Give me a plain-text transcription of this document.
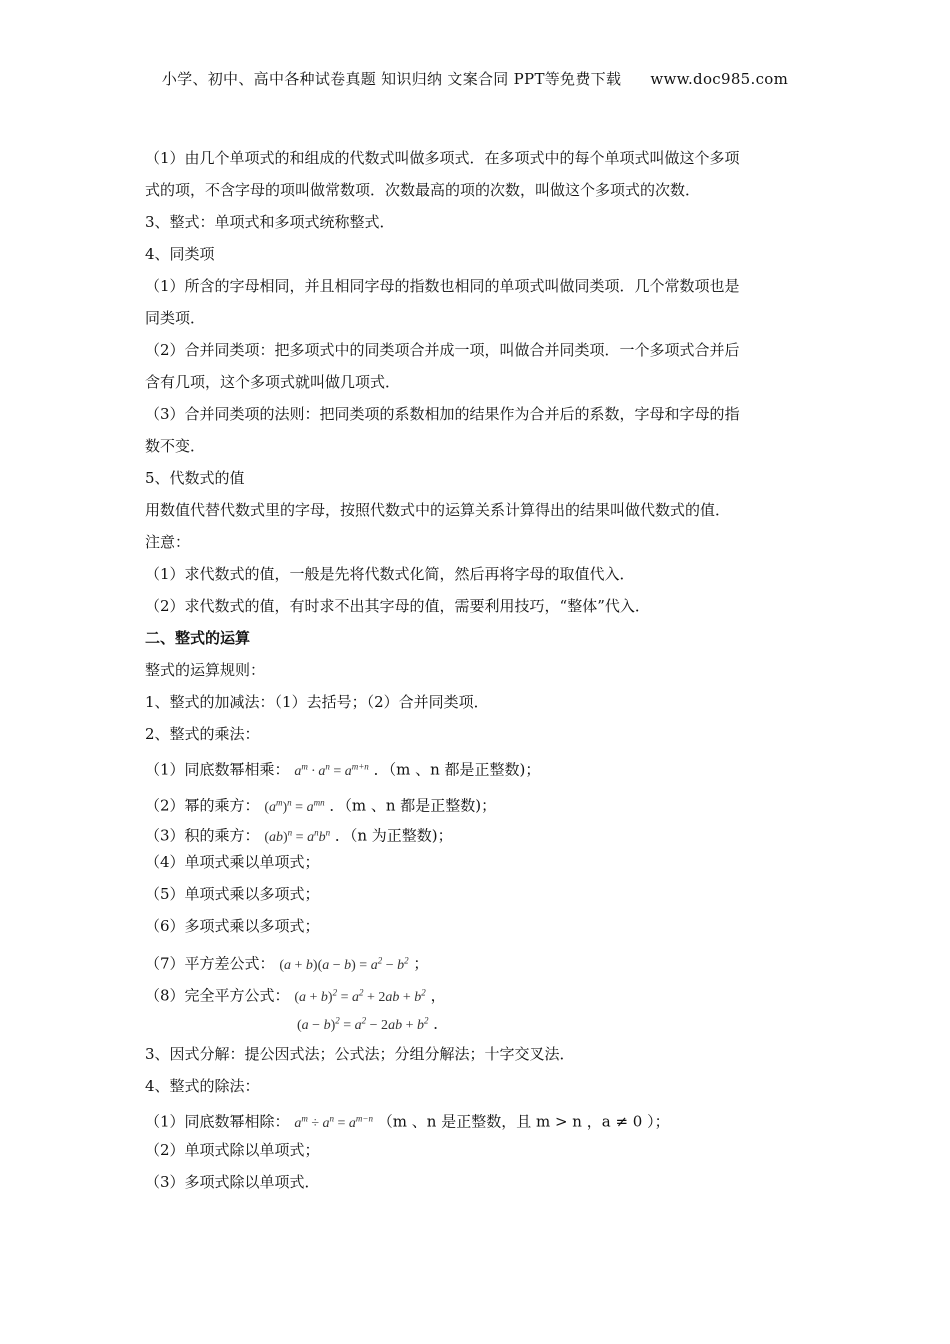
小学、初中、高中各种试卷真题 知识归纳 文案合同 PPT等免费下载 www.doc985.com
（1）由几个单项式的和组成的代数式叫做多项式．在多项式中的每个单项式叫做这个多项
式的项，不含字母的项叫做常数项．次数最高的项的次数，叫做这个多项式的次数．
3、整式：单项式和多项式统称整式．
4、同类项
（1）所含的字母相同，并且相同字母的指数也相同的单项式叫做同类项．几个常数项也是
同类项．
（2）合并同类项：把多项式中的同类项合并成一项，叫做合并同类项．一个多项式合并后
含有几项，这个多项式就叫做几项式．
（3）合并同类项的法则：把同类项的系数相加的结果作为合并后的系数，字母和字母的指
数不变．
5、代数式的值
用数值代替代数式里的字母，按照代数式中的运算关系计算得出的结果叫做代数式的值．
注意：
（1）求代数式的值，一般是先将代数式化简，然后再将字母的取值代入．
（2）求代数式的值，有时求不出其字母的值，需要利用技巧，“整体”代入．
二、整式的运算
整式的运算规则：
1、整式的加减法：（1）去括号；（2）合并同类项．
2、整式的乘法：
（1）同底数幂相乘： $a^m \cdot a^n = a^{m+n}$ ．（m 、n 都是正整数)；
（2）幂的乘方： $(a^m)^n = a^{mn}$ ．（m 、n 都是正整数)；
（3）积的乘方： $(ab)^n = a^nb^n$ ．（n 为正整数)；
（4）单项式乘以单项式；
（5）单项式乘以多项式；
（6）多项式乘以多项式；
（7）平方差公式： $(a + b)(a - b) = a^2 - b^2$ ；
（8）完全平方公式： $(a + b)^2 = a^2 + 2ab + b^2$ ，
$(a - b)^2 = a^2 - 2ab + b^2$ ．
3、因式分解：提公因式法；公式法；分组分解法；十字交叉法．
4、整式的除法：
（1）同底数幂相除： $a^m \div a^n = a^{m-n}$ （m 、n 是正整数，且 m > n ，a ≠ 0 ）；
（2）单项式除以单项式；
（3）多项式除以单项式．
